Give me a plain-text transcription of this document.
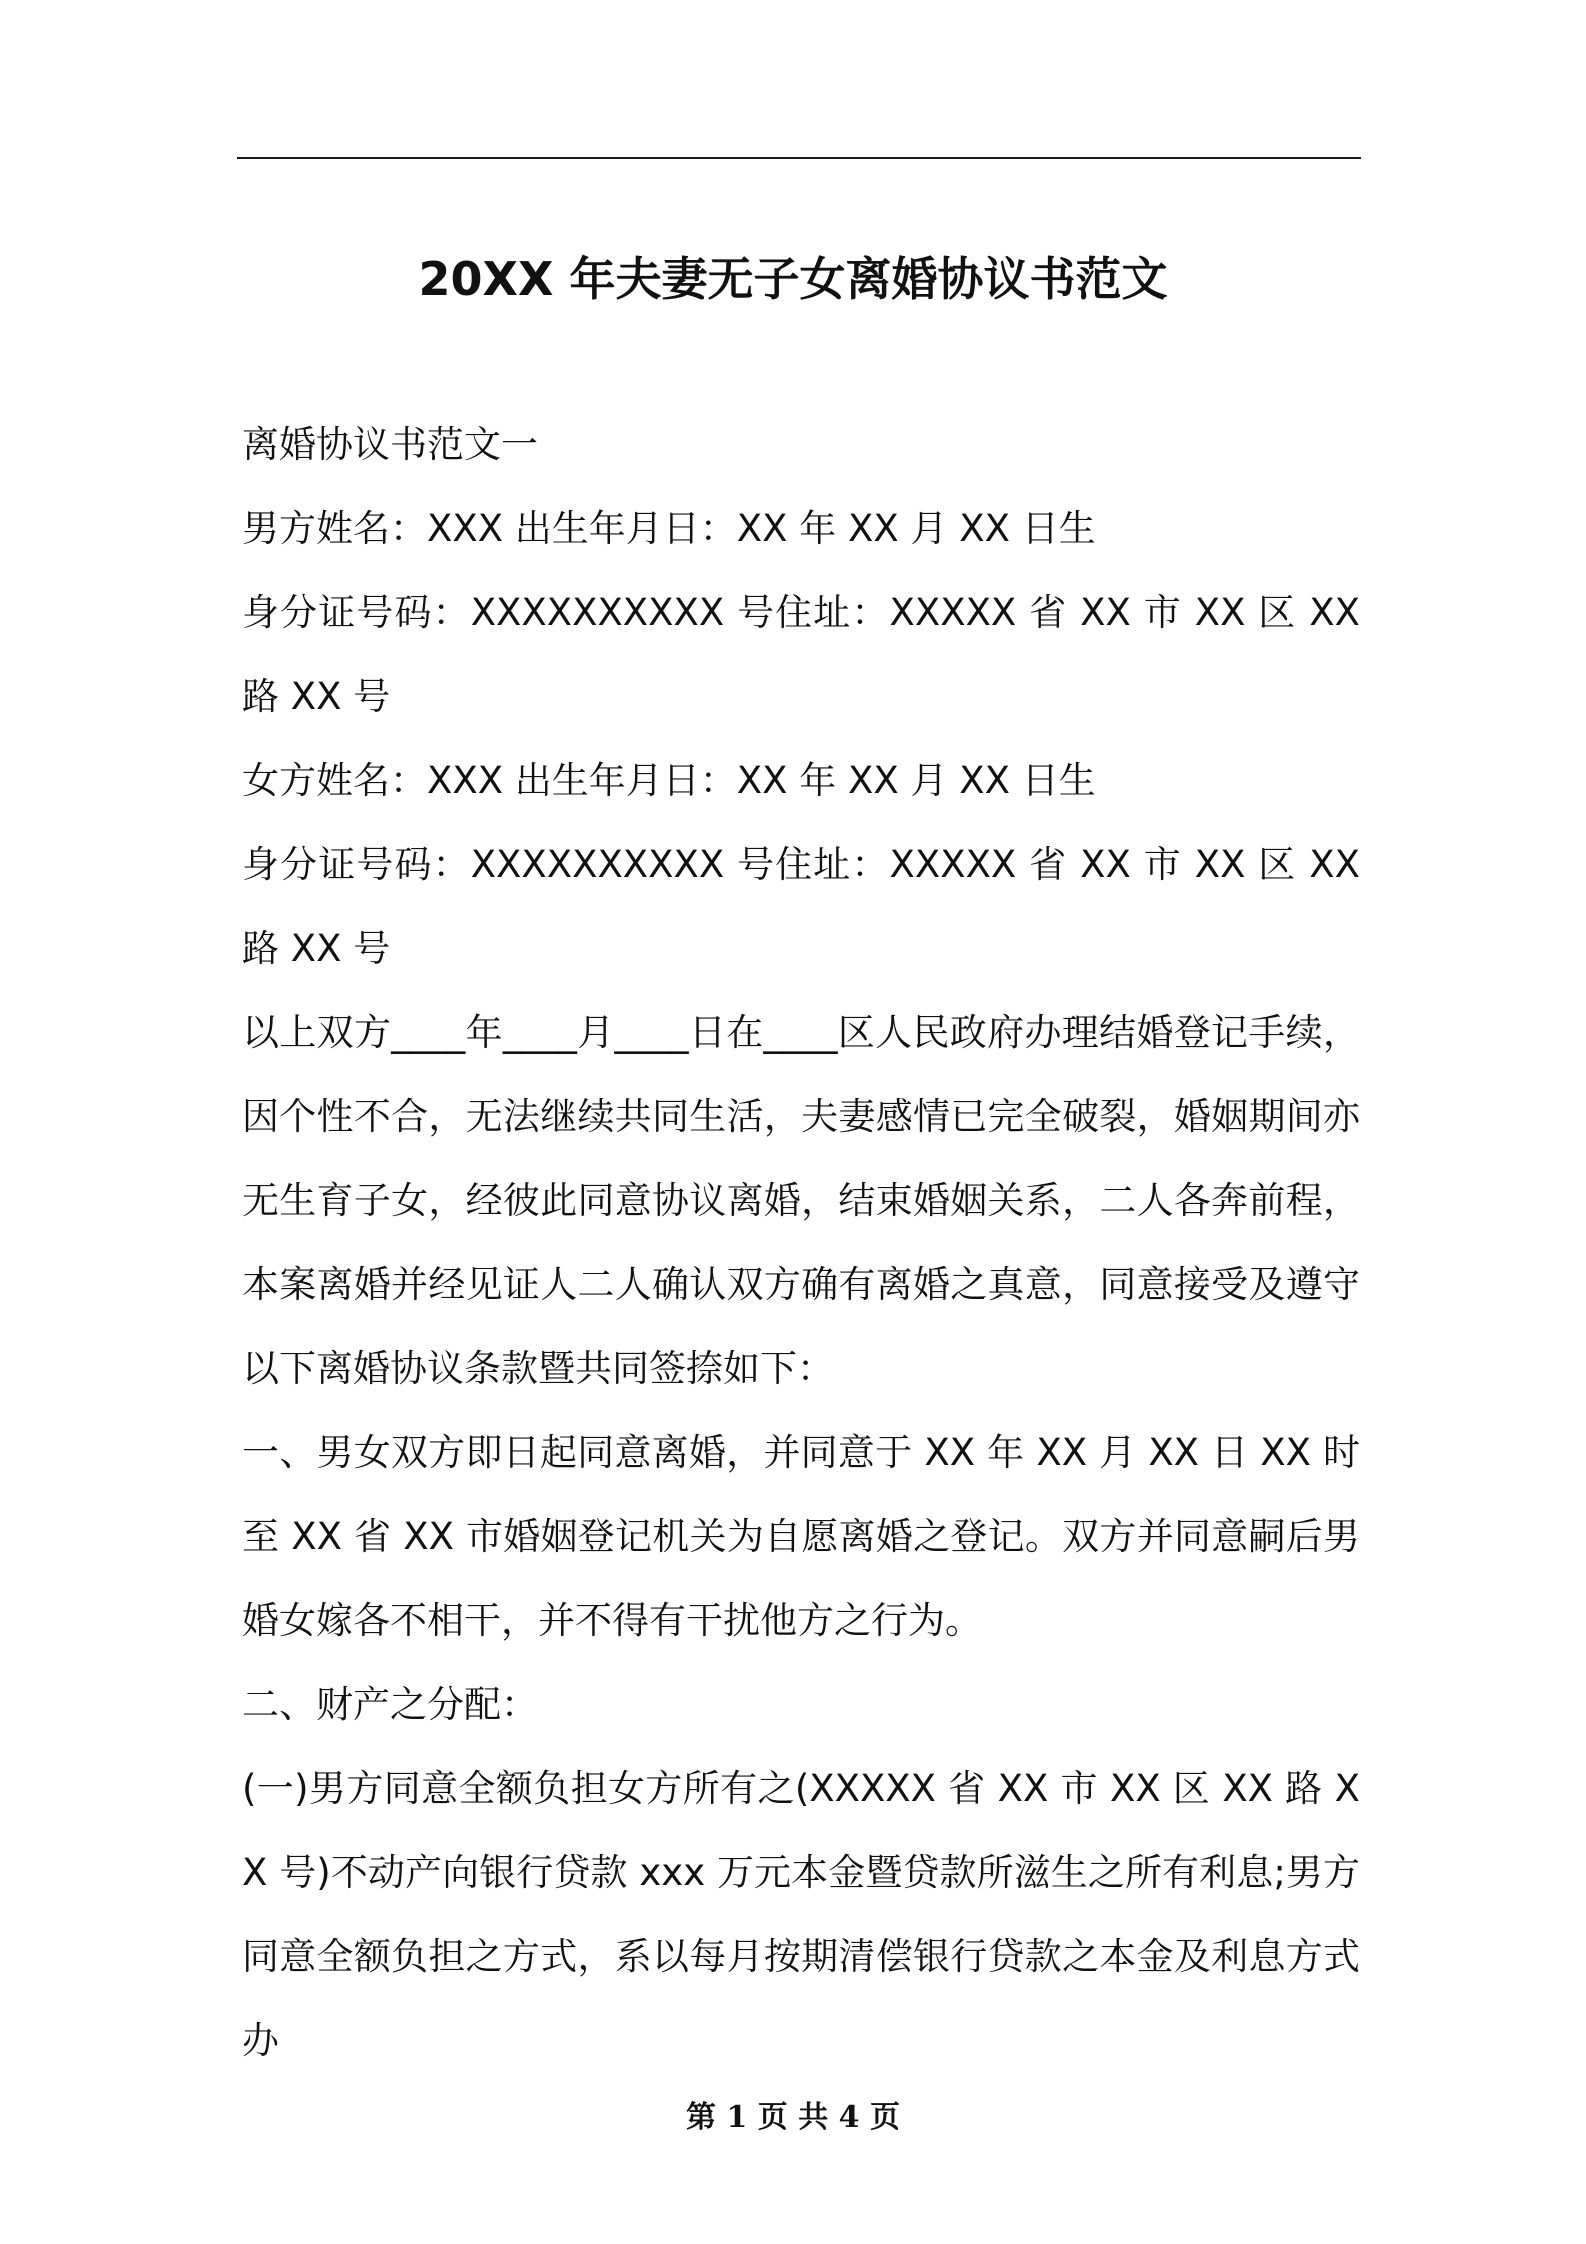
20XX 年夫妻无子女离婚协议书范文

离婚协议书范文一

男方姓名：XXX 出生年月日：XX 年 XX 月 XX 日生

身分证号码：XXXXXXXXXX 号住址：XXXXX 省 XX 市 XX 区 XX 路 XX 号

女方姓名：XXX 出生年月日：XX 年 XX 月 XX 日生

身分证号码：XXXXXXXXXX 号住址：XXXXX 省 XX 市 XX 区 XX 路 XX 号

以上双方____年____月____日在____区人民政府办理结婚登记手续，因个性不合，无法继续共同生活，夫妻感情已完全破裂，婚姻期间亦无生育子女，经彼此同意协议离婚，结束婚姻关系，二人各奔前程，本案离婚并经见证人二人确认双方确有离婚之真意，同意接受及遵守以下离婚协议条款暨共同签捺如下：

一、男女双方即日起同意离婚，并同意于 XX 年 XX 月 XX 日 XX 时至 XX 省 XX 市婚姻登记机关为自愿离婚之登记。双方并同意嗣后男婚女嫁各不相干，并不得有干扰他方之行为。

二、财产之分配：

(一)男方同意全额负担女方所有之(XXXXX 省 XX 市 XX 区 XX 路 XX 号)不动产向银行贷款 xxx 万元本金暨贷款所滋生之所有利息;男方同意全额负担之方式，系以每月按期清偿银行贷款之本金及利息方式办

第 1 页 共 4 页
